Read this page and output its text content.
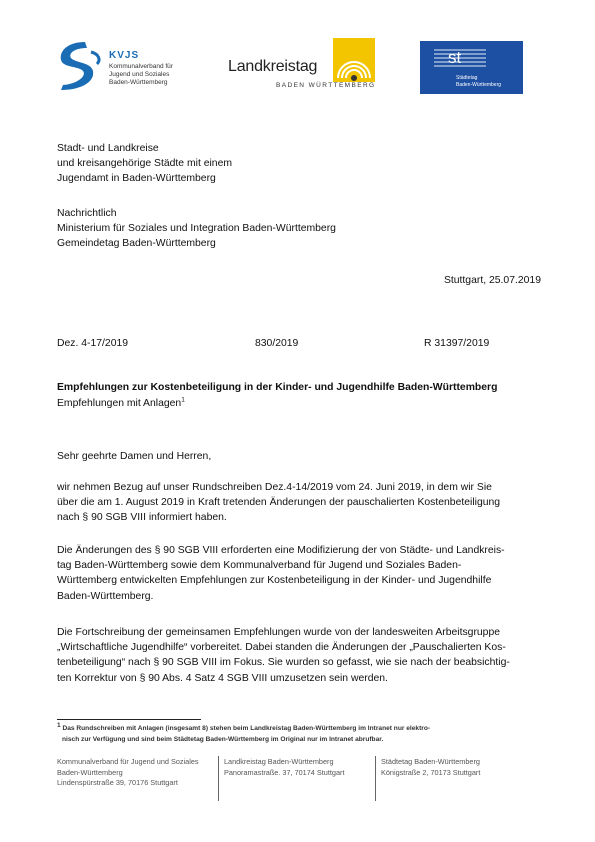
KVJS
Kommunalverband für
Jugend und Soziales
Baden-Württemberg
Landkreistag
BADEN WÜRTTEMBERG
st
Städtetag
Baden-Württemberg
Stadt- und Landkreise
und kreisangehörige Städte mit einem
Jugendamt in Baden-Württemberg
Nachrichtlich
Ministerium für Soziales und Integration Baden-Württemberg
Gemeindetag Baden-Württemberg
Stuttgart, 25.07.2019
Dez. 4-17/2019	830/2019	R 31397/2019
Empfehlungen zur Kostenbeteiligung in der Kinder- und Jugendhilfe Baden-Württemberg
Empfehlungen mit Anlagen$^1$
Sehr geehrte Damen und Herren,
wir nehmen Bezug auf unser Rundschreiben Dez.4-14/2019 vom 24. Juni 2019, in dem wir Sie
über die am 1. August 2019 in Kraft tretenden Änderungen der pauschalierten Kostenbeteiligung
nach § 90 SGB VIII informiert haben.
Die Änderungen des § 90 SGB VIII erforderten eine Modifizierung der von Städte- und Landkreis-
tag Baden-Württemberg sowie dem Kommunalverband für Jugend und Soziales Baden-
Württemberg entwickelten Empfehlungen zur Kostenbeteiligung in der Kinder- und Jugendhilfe
Baden-Württemberg.
Die Fortschreibung der gemeinsamen Empfehlungen wurde von der landesweiten Arbeitsgruppe
„Wirtschaftliche Jugendhilfe“ vorbereitet. Dabei standen die Änderungen der „Pauschalierten Kos-
tenbeteiligung“ nach § 90 SGB VIII im Fokus. Sie wurden so gefasst, wie sie nach der beabsichtig-
ten Korrektur von § 90 Abs. 4 Satz 4 SGB VIII umzusetzen sein werden.
$^1$ Das Rundschreiben mit Anlagen (insgesamt 8) stehen beim Landkreistag Baden-Württemberg im Intranet nur elektro-
nisch zur Verfügung und sind beim Städtetag Baden-Württemberg im Original nur im Intranet abrufbar.
Kommunalverband für Jugend und Soziales
Baden-Württemberg
Lindenspürstraße 39, 70176 Stuttgart
Landkreistag Baden-Württemberg
Panoramastraße. 37, 70174 Stuttgart
Städtetag Baden-Württemberg
Königstraße 2, 70173 Stuttgart
